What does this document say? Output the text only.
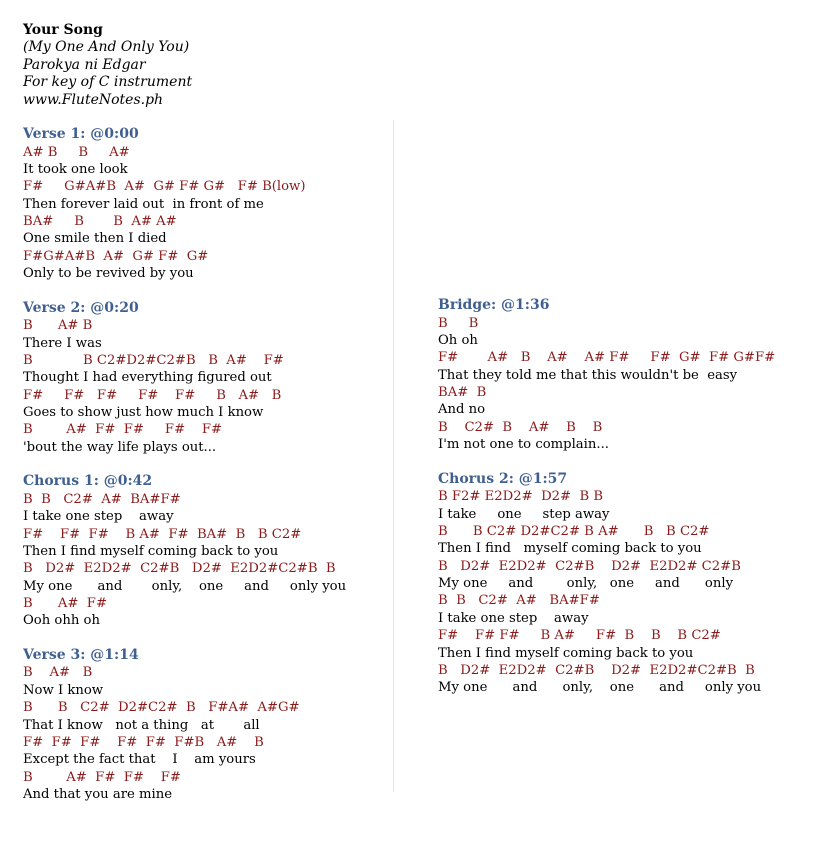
Your Song
(My One And Only You)
Parokya ni Edgar
For key of C instrument
www.FluteNotes.ph
Verse 1: @0:00
A# B     B     A#
It took one look
F#     G#A#B  A#  G# F# G#   F# B(low)
Then forever laid out  in front of me
BA#     B       B  A# A#
One smile then I died
F#G#A#B  A#  G# F#  G#
Only to be revived by you
Verse 2: @0:20
B      A# B
There I was
B            B C2#D2#C2#B   B  A#    F#
Thought I had everything figured out
F#     F#   F#     F#    F#     B   A#   B
Goes to show just how much I know
B        A#  F#  F#     F#    F#
'bout the way life plays out...
Chorus 1: @0:42
B  B   C2#  A#  BA#F#
I take one step    away
F#    F#  F#    B A#  F#  BA#  B   B C2#
Then I find myself coming back to you
B   D2#  E2D2#  C2#B   D2#  E2D2#C2#B  B
My one      and       only,    one     and     only you
B      A#  F#
Ooh ohh oh
Verse 3: @1:14
B    A#   B
Now I know
B      B   C2#  D2#C2#  B   F#A#  A#G#
That I know   not a thing   at       all
F#  F#  F#    F#  F#  F#B   A#    B
Except the fact that    I    am yours
B        A#  F#  F#    F#
And that you are mine
Bridge: @1:36
B     B
Oh oh
F#       A#   B    A#    A# F#     F#  G#  F# G#F#
That they told me that this wouldn't be  easy
BA#  B
And no
B    C2#  B    A#    B    B
I'm not one to complain...
Chorus 2: @1:57
B F2# E2D2#  D2#  B B
I take     one     step away
B      B C2# D2#C2# B A#      B   B C2#
Then I find   myself coming back to you
B   D2#  E2D2#  C2#B    D2#  E2D2# C2#B
My one     and        only,   one     and      only
B  B   C2#  A#   BA#F#
I take one step    away
F#    F# F#     B A#     F#  B    B    B C2#
Then I find myself coming back to you
B   D2#  E2D2#  C2#B    D2#  E2D2#C2#B  B
My one      and      only,    one      and     only you
